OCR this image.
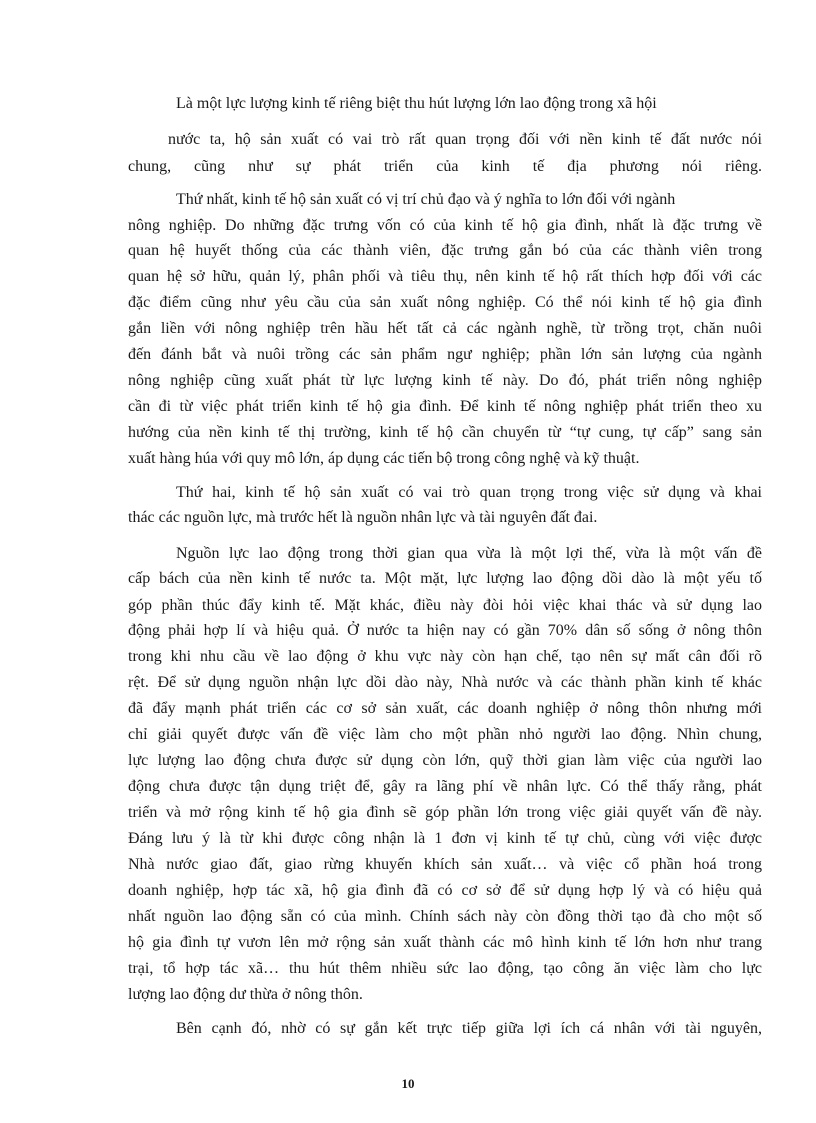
Là một lực lượng kinh tế riêng biệt thu hút lượng lớn lao động trong xã hội
nước ta, hộ sản xuất có vai trò rất quan trọng đối với nền kinh tế đất nước nói
chung, cũng như sự phát triển của kinh tế địa phương nói riêng.
Thứ nhất, kinh tế hộ sản xuất có vị trí chủ đạo và ý nghĩa to lớn đối với ngành
nông nghiệp. Do những đặc trưng vốn có của kinh tế hộ gia đình, nhất là đặc trưng về
quan hệ huyết thống của các thành viên, đặc trưng gắn bó của các thành viên trong
quan hệ sở hữu, quản lý, phân phối và tiêu thụ, nên kinh tế hộ rất thích hợp đối với các
đặc điểm cũng như yêu cầu của sản xuất nông nghiệp. Có thể nói kinh tế hộ gia đình
gắn liền với nông nghiệp trên hầu hết tất cả các ngành nghề, từ trồng trọt, chăn nuôi
đến đánh bắt và nuôi trồng các sản phẩm ngư nghiệp; phần lớn sản lượng của ngành
nông nghiệp cũng xuất phát từ lực lượng kinh tế này. Do đó, phát triển nông nghiệp
cần đi từ việc phát triển kinh tế hộ gia đình. Để kinh tế nông nghiệp phát triển theo xu
hướng của nền kinh tế thị trường, kinh tế hộ cần chuyển từ “tự cung, tự cấp” sang sản
xuất hàng húa với quy mô lớn, áp dụng các tiến bộ trong công nghệ và kỹ thuật.
Thứ hai, kinh tế hộ sản xuất có vai trò quan trọng trong việc sử dụng và khai
thác các nguồn lực, mà trước hết là nguồn nhân lực và tài nguyên đất đai.
Nguồn lực lao động trong thời gian qua vừa là một lợi thế, vừa là một vấn đề
cấp bách của nền kinh tế nước ta. Một mặt, lực lượng lao động dồi dào là một yếu tố
góp phần thúc đẩy kinh tế. Mặt khác, điều này đòi hỏi việc khai thác và sử dụng lao
động phải hợp lí và hiệu quả. Ở nước ta hiện nay có gần 70% dân số sống ở nông thôn
trong khi nhu cầu về lao động ở khu vực này còn hạn chế, tạo nên sự mất cân đối rõ
rệt. Để sử dụng nguồn nhận lực dồi dào này, Nhà nước và các thành phần kinh tế khác
đã đẩy mạnh phát triển các cơ sở sản xuất, các doanh nghiệp ở nông thôn nhưng mới
chỉ giải quyết được vấn đề việc làm cho một phần nhỏ người lao động. Nhìn chung,
lực lượng lao động chưa được sử dụng còn lớn, quỹ thời gian làm việc của người lao
động chưa được tận dụng triệt để, gây ra lãng phí về nhân lực. Có thể thấy rằng, phát
triển và mở rộng kinh tế hộ gia đình sẽ góp phần lớn trong việc giải quyết vấn đề này.
Đáng lưu ý là từ khi được công nhận là 1 đơn vị kinh tế tự chủ, cùng với việc được
Nhà nước giao đất, giao rừng khuyến khích sản xuất… và việc cổ phần hoá trong
doanh nghiệp, hợp tác xã, hộ gia đình đã có cơ sở để sử dụng hợp lý và có hiệu quả
nhất nguồn lao động sẵn có của mình. Chính sách này còn đồng thời tạo đà cho một số
hộ gia đình tự vươn lên mở rộng sản xuất thành các mô hình kinh tế lớn hơn như trang
trại, tổ hợp tác xã… thu hút thêm nhiều sức lao động, tạo công ăn việc làm cho lực
lượng lao động dư thừa ở nông thôn.
Bên cạnh đó, nhờ có sự gắn kết trực tiếp giữa lợi ích cá nhân với tài nguyên,
10
